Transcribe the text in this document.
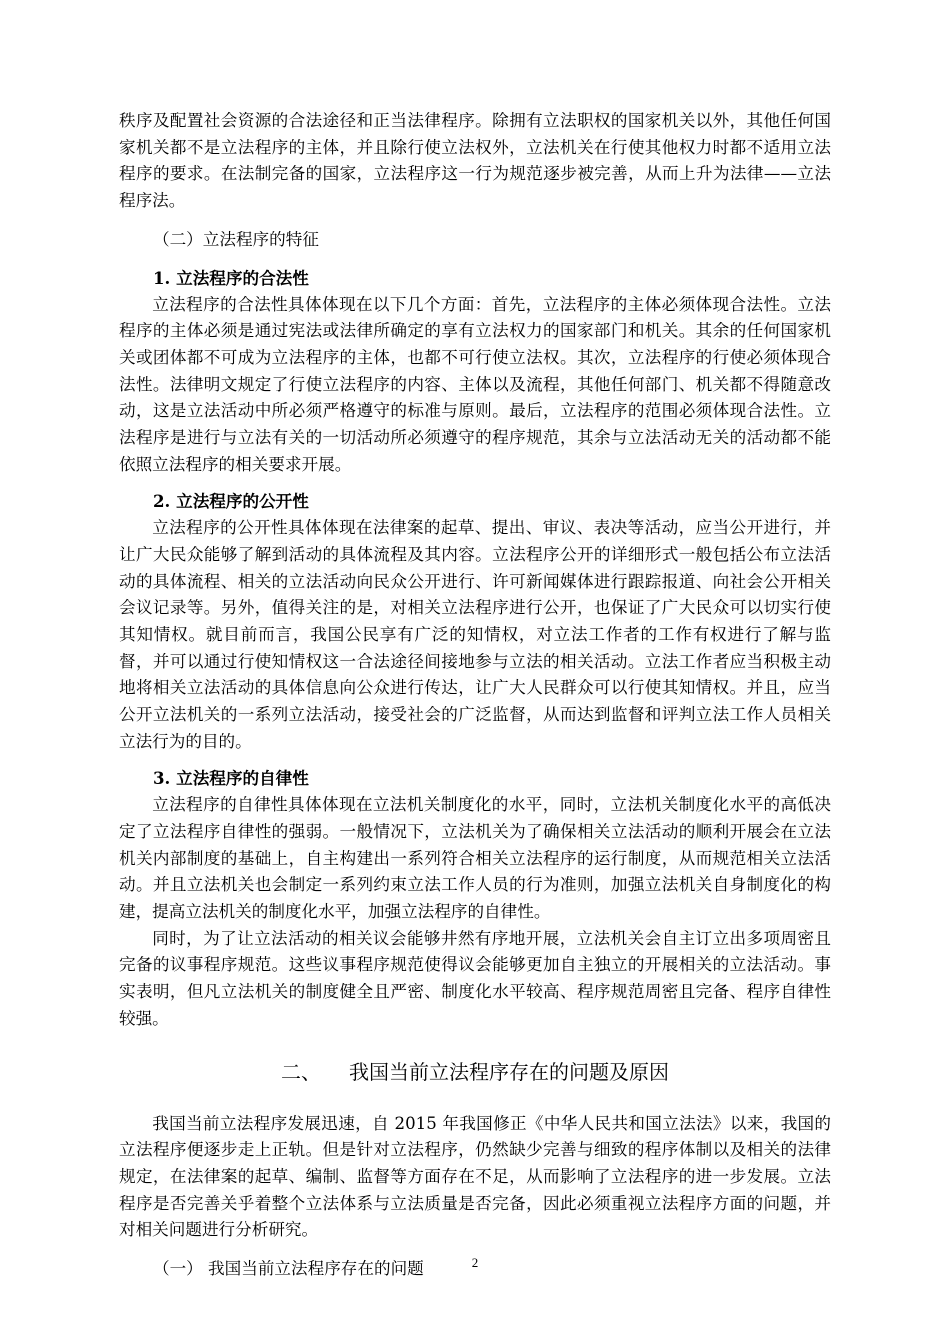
秩序及配置社会资源的合法途径和正当法律程序。除拥有立法职权的国家机关以外，其他任何国家机关都不是立法程序的主体，并且除行使立法权外，立法机关在行使其他权力时都不适用立法程序的要求。在法制完备的国家，立法程序这一行为规范逐步被完善，从而上升为法律——立法程序法。

（二）立法程序的特征
1. 立法程序的合法性

立法程序的合法性具体体现在以下几个方面：首先，立法程序的主体必须体现合法性。立法程序的主体必须是通过宪法或法律所确定的享有立法权力的国家部门和机关。其余的任何国家机关或团体都不可成为立法程序的主体，也都不可行使立法权。其次，立法程序的行使必须体现合法性。法律明文规定了行使立法程序的内容、主体以及流程，其他任何部门、机关都不得随意改动，这是立法活动中所必须严格遵守的标准与原则。最后，立法程序的范围必须体现合法性。立法程序是进行与立法有关的一切活动所必须遵守的程序规范，其余与立法活动无关的活动都不能依照立法程序的相关要求开展。

2. 立法程序的公开性

立法程序的公开性具体体现在法律案的起草、提出、审议、表决等活动，应当公开进行，并让广大民众能够了解到活动的具体流程及其内容。立法程序公开的详细形式一般包括公布立法活动的具体流程、相关的立法活动向民众公开进行、许可新闻媒体进行跟踪报道、向社会公开相关会议记录等。另外，值得关注的是，对相关立法程序进行公开，也保证了广大民众可以切实行使其知情权。就目前而言，我国公民享有广泛的知情权，对立法工作者的工作有权进行了解与监督，并可以通过行使知情权这一合法途径间接地参与立法的相关活动。立法工作者应当积极主动地将相关立法活动的具体信息向公众进行传达，让广大人民群众可以行使其知情权。并且，应当公开立法机关的一系列立法活动，接受社会的广泛监督，从而达到监督和评判立法工作人员相关立法行为的目的。

3. 立法程序的自律性

立法程序的自律性具体体现在立法机关制度化的水平，同时，立法机关制度化水平的高低决定了立法程序自律性的强弱。一般情况下，立法机关为了确保相关立法活动的顺利开展会在立法机关内部制度的基础上，自主构建出一系列符合相关立法程序的运行制度，从而规范相关立法活动。并且立法机关也会制定一系列约束立法工作人员的行为准则，加强立法机关自身制度化的构建，提高立法机关的制度化水平，加强立法程序的自律性。

同时，为了让立法活动的相关议会能够井然有序地开展，立法机关会自主订立出多项周密且完备的议事程序规范。这些议事程序规范使得议会能够更加自主独立的开展相关的立法活动。事实表明，但凡立法机关的制度健全且严密、制度化水平较高、程序规范周密且完备、程序自律性较强。

二、 我国当前立法程序存在的问题及原因

我国当前立法程序发展迅速，自 2015 年我国修正《中华人民共和国立法法》以来，我国的立法程序便逐步走上正轨。但是针对立法程序，仍然缺少完善与细致的程序体制以及相关的法律规定，在法律案的起草、编制、监督等方面存在不足，从而影响了立法程序的进一步发展。立法程序是否完善关乎着整个立法体系与立法质量是否完备，因此必须重视立法程序方面的问题，并对相关问题进行分析研究。

（一） 我国当前立法程序存在的问题	2
